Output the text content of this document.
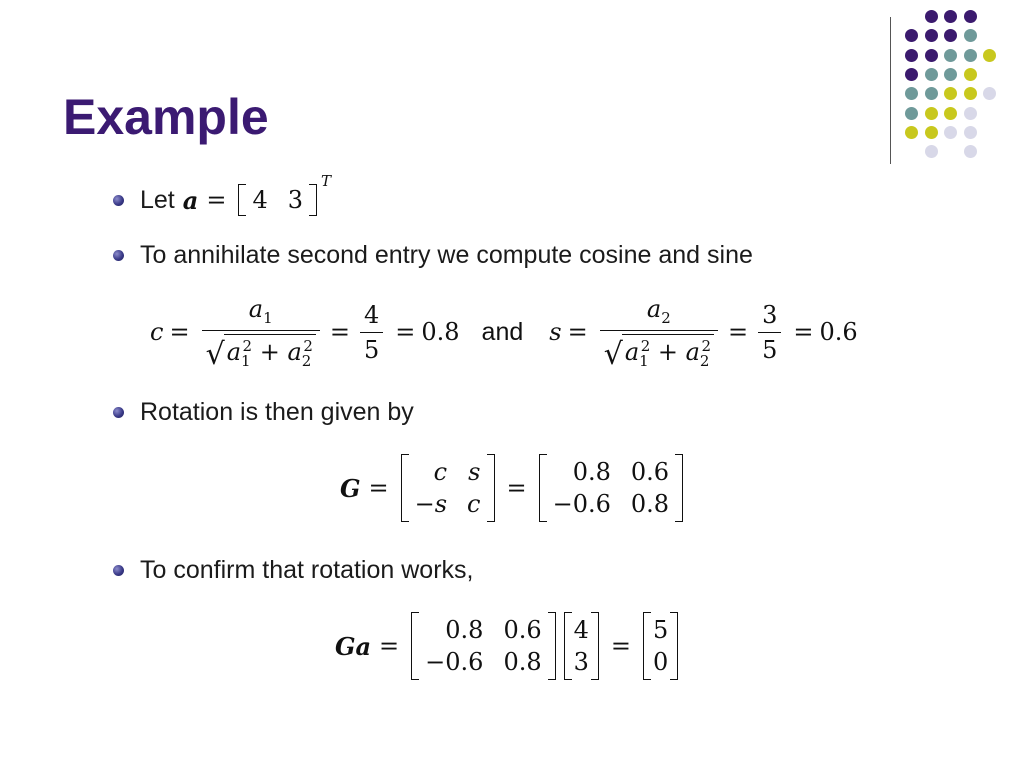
Example
Let a = 4 3
$^T$
To annihilate second entry we compute cosine and sine
$c = \frac{a_1}{√ a_1^2 + a_2^2} = \frac{4}{5} = 0.8$ and $s = \frac{a_2}{√ a_1^2 + a_2^2} = \frac{3}{5} = 0.6$
Rotation is then given by
G =
c s
−s c
=
0.8 0.6
−0.6 0.8
To confirm that rotation works,
Ga =
0.8 0.6
−0.6 0.8
4
3
=
5
0
